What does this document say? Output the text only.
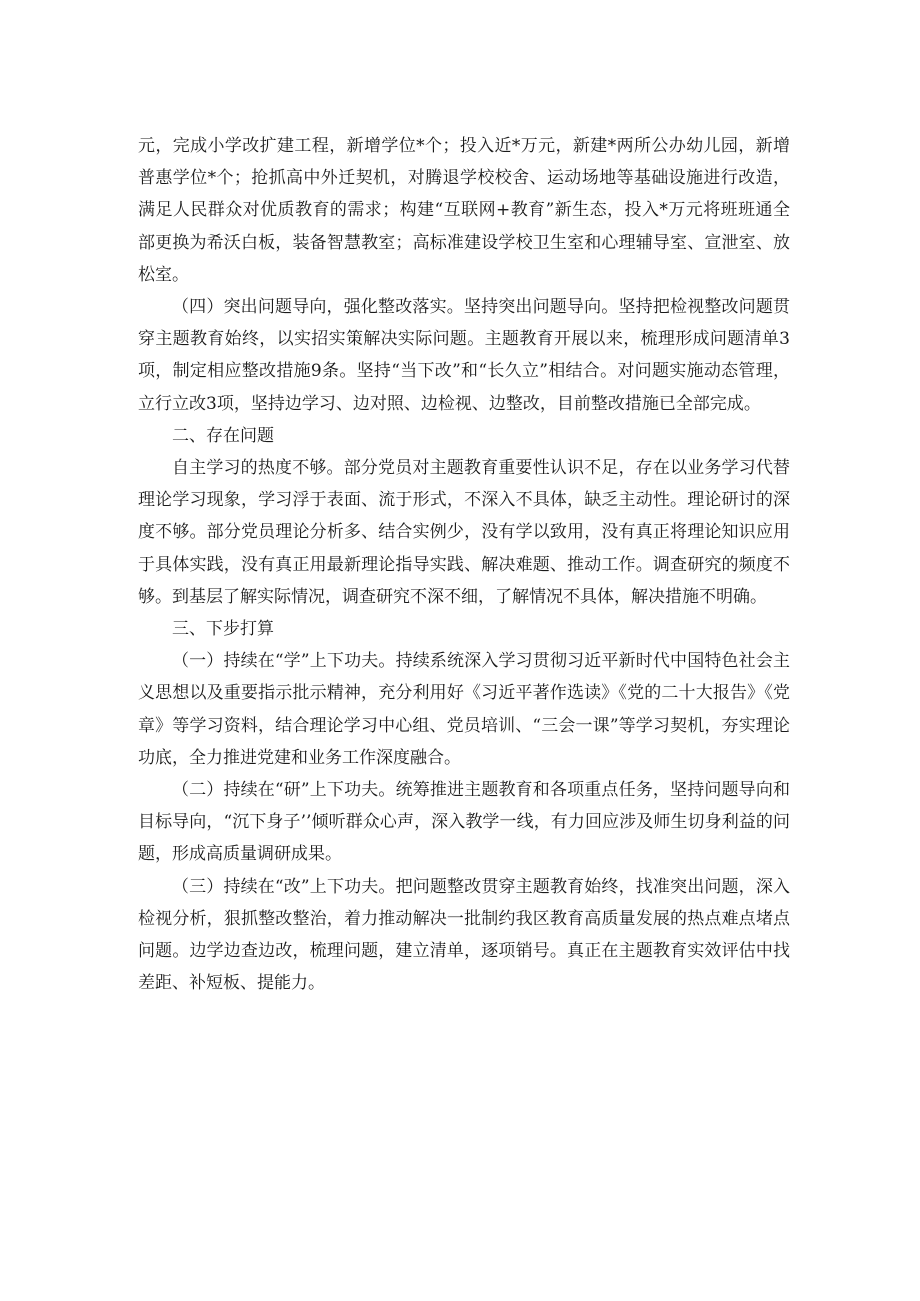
元，完成小学改扩建工程，新增学位*个；投入近*万元，新建*两所公办幼儿园，新增普惠学位*个；抢抓高中外迁契机，对腾退学校校舍、运动场地等基础设施进行改造，满足人民群众对优质教育的需求；构建“互联网+教育”新生态，投入*万元将班班通全部更换为希沃白板，装备智慧教室；高标准建设学校卫生室和心理辅导室、宣泄室、放松室。

（四）突出问题导向，强化整改落实。坚持突出问题导向。坚持把检视整改问题贯穿主题教育始终，以实招实策解决实际问题。主题教育开展以来，梳理形成问题清单3项，制定相应整改措施9条。坚持“当下改”和“长久立”相结合。对问题实施动态管理，立行立改3项，坚持边学习、边对照、边检视、边整改，目前整改措施已全部完成。

二、存在问题

自主学习的热度不够。部分党员对主题教育重要性认识不足，存在以业务学习代替理论学习现象，学习浮于表面、流于形式，不深入不具体，缺乏主动性。理论研讨的深度不够。部分党员理论分析多、结合实例少，没有学以致用，没有真正将理论知识应用于具体实践，没有真正用最新理论指导实践、解决难题、推动工作。调查研究的频度不够。到基层了解实际情况，调查研究不深不细，了解情况不具体，解决措施不明确。

三、下步打算

（一）持续在“学”上下功夫。持续系统深入学习贯彻习近平新时代中国特色社会主义思想以及重要指示批示精神，充分利用好《习近平著作选读》《党的二十大报告》《党章》等学习资料，结合理论学习中心组、党员培训、“三会一课”等学习契机，夯实理论功底，全力推进党建和业务工作深度融合。

（二）持续在“研”上下功夫。统筹推进主题教育和各项重点任务，坚持问题导向和目标导向，“沉下身子’’倾听群众心声，深入教学一线，有力回应涉及师生切身利益的问题，形成高质量调研成果。

（三）持续在“改”上下功夫。把问题整改贯穿主题教育始终，找准突出问题，深入检视分析，狠抓整改整治，着力推动解决一批制约我区教育高质量发展的热点难点堵点问题。边学边查边改，梳理问题，建立清单，逐项销号。真正在主题教育实效评估中找差距、补短板、提能力。
